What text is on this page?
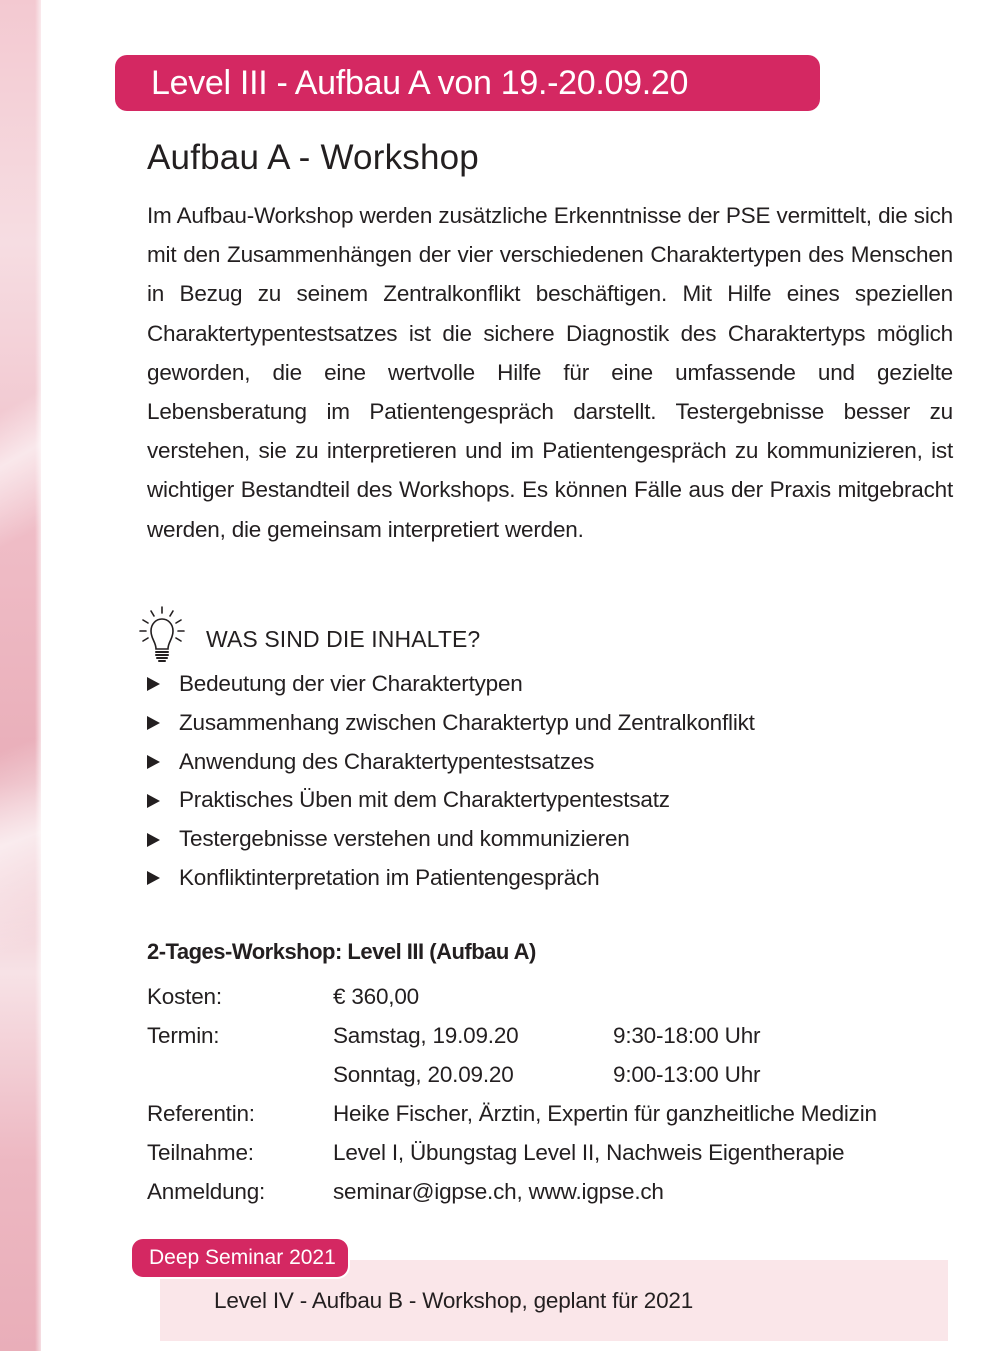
Level III - Aufbau A von 19.-20.09.20
Aufbau A - Workshop

Im Aufbau-Workshop werden zusätzliche Erkenntnisse der PSE vermittelt, die sich mit den Zusammenhängen der vier verschiedenen Charaktertypen des Menschen in Bezug zu seinem Zentralkonflikt beschäftigen. Mit Hilfe eines speziellen Charaktertypentestsatzes ist die sichere Diagnostik des Charaktertyps möglich geworden, die eine wertvolle Hilfe für eine umfassende und gezielte Lebensberatung im Patientengespräch darstellt. Testergebnisse besser zu verstehen, sie zu interpretieren und im Patientengespräch zu kommunizieren, ist wichtiger Bestandteil des Workshops. Es können Fälle aus der Praxis mitgebracht werden, die gemeinsam interpretiert werden.

WAS SIND DIE INHALTE?
Bedeutung der vier Charaktertypen
Zusammenhang zwischen Charaktertyp und Zentralkonflikt
Anwendung des Charaktertypentestsatzes
Praktisches Üben mit dem Charaktertypentestsatz
Testergebnisse verstehen und kommunizieren
Konfliktinterpretation im Patientengespräch
2-Tages-Workshop: Level III (Aufbau A)
Kosten:	€ 360,00
Termin:	Samstag, 19.09.20	9:30-18:00 Uhr
Sonntag, 20.09.20	9:00-13:00 Uhr
Referentin:	Heike Fischer, Ärztin, Expertin für ganzheitliche Medizin
Teilnahme:	Level I, Übungstag Level II, Nachweis Eigentherapie
Anmeldung:	seminar@igpse.ch, www.igpse.ch
Deep Seminar 2021
Level IV - Aufbau B - Workshop, geplant für 2021
